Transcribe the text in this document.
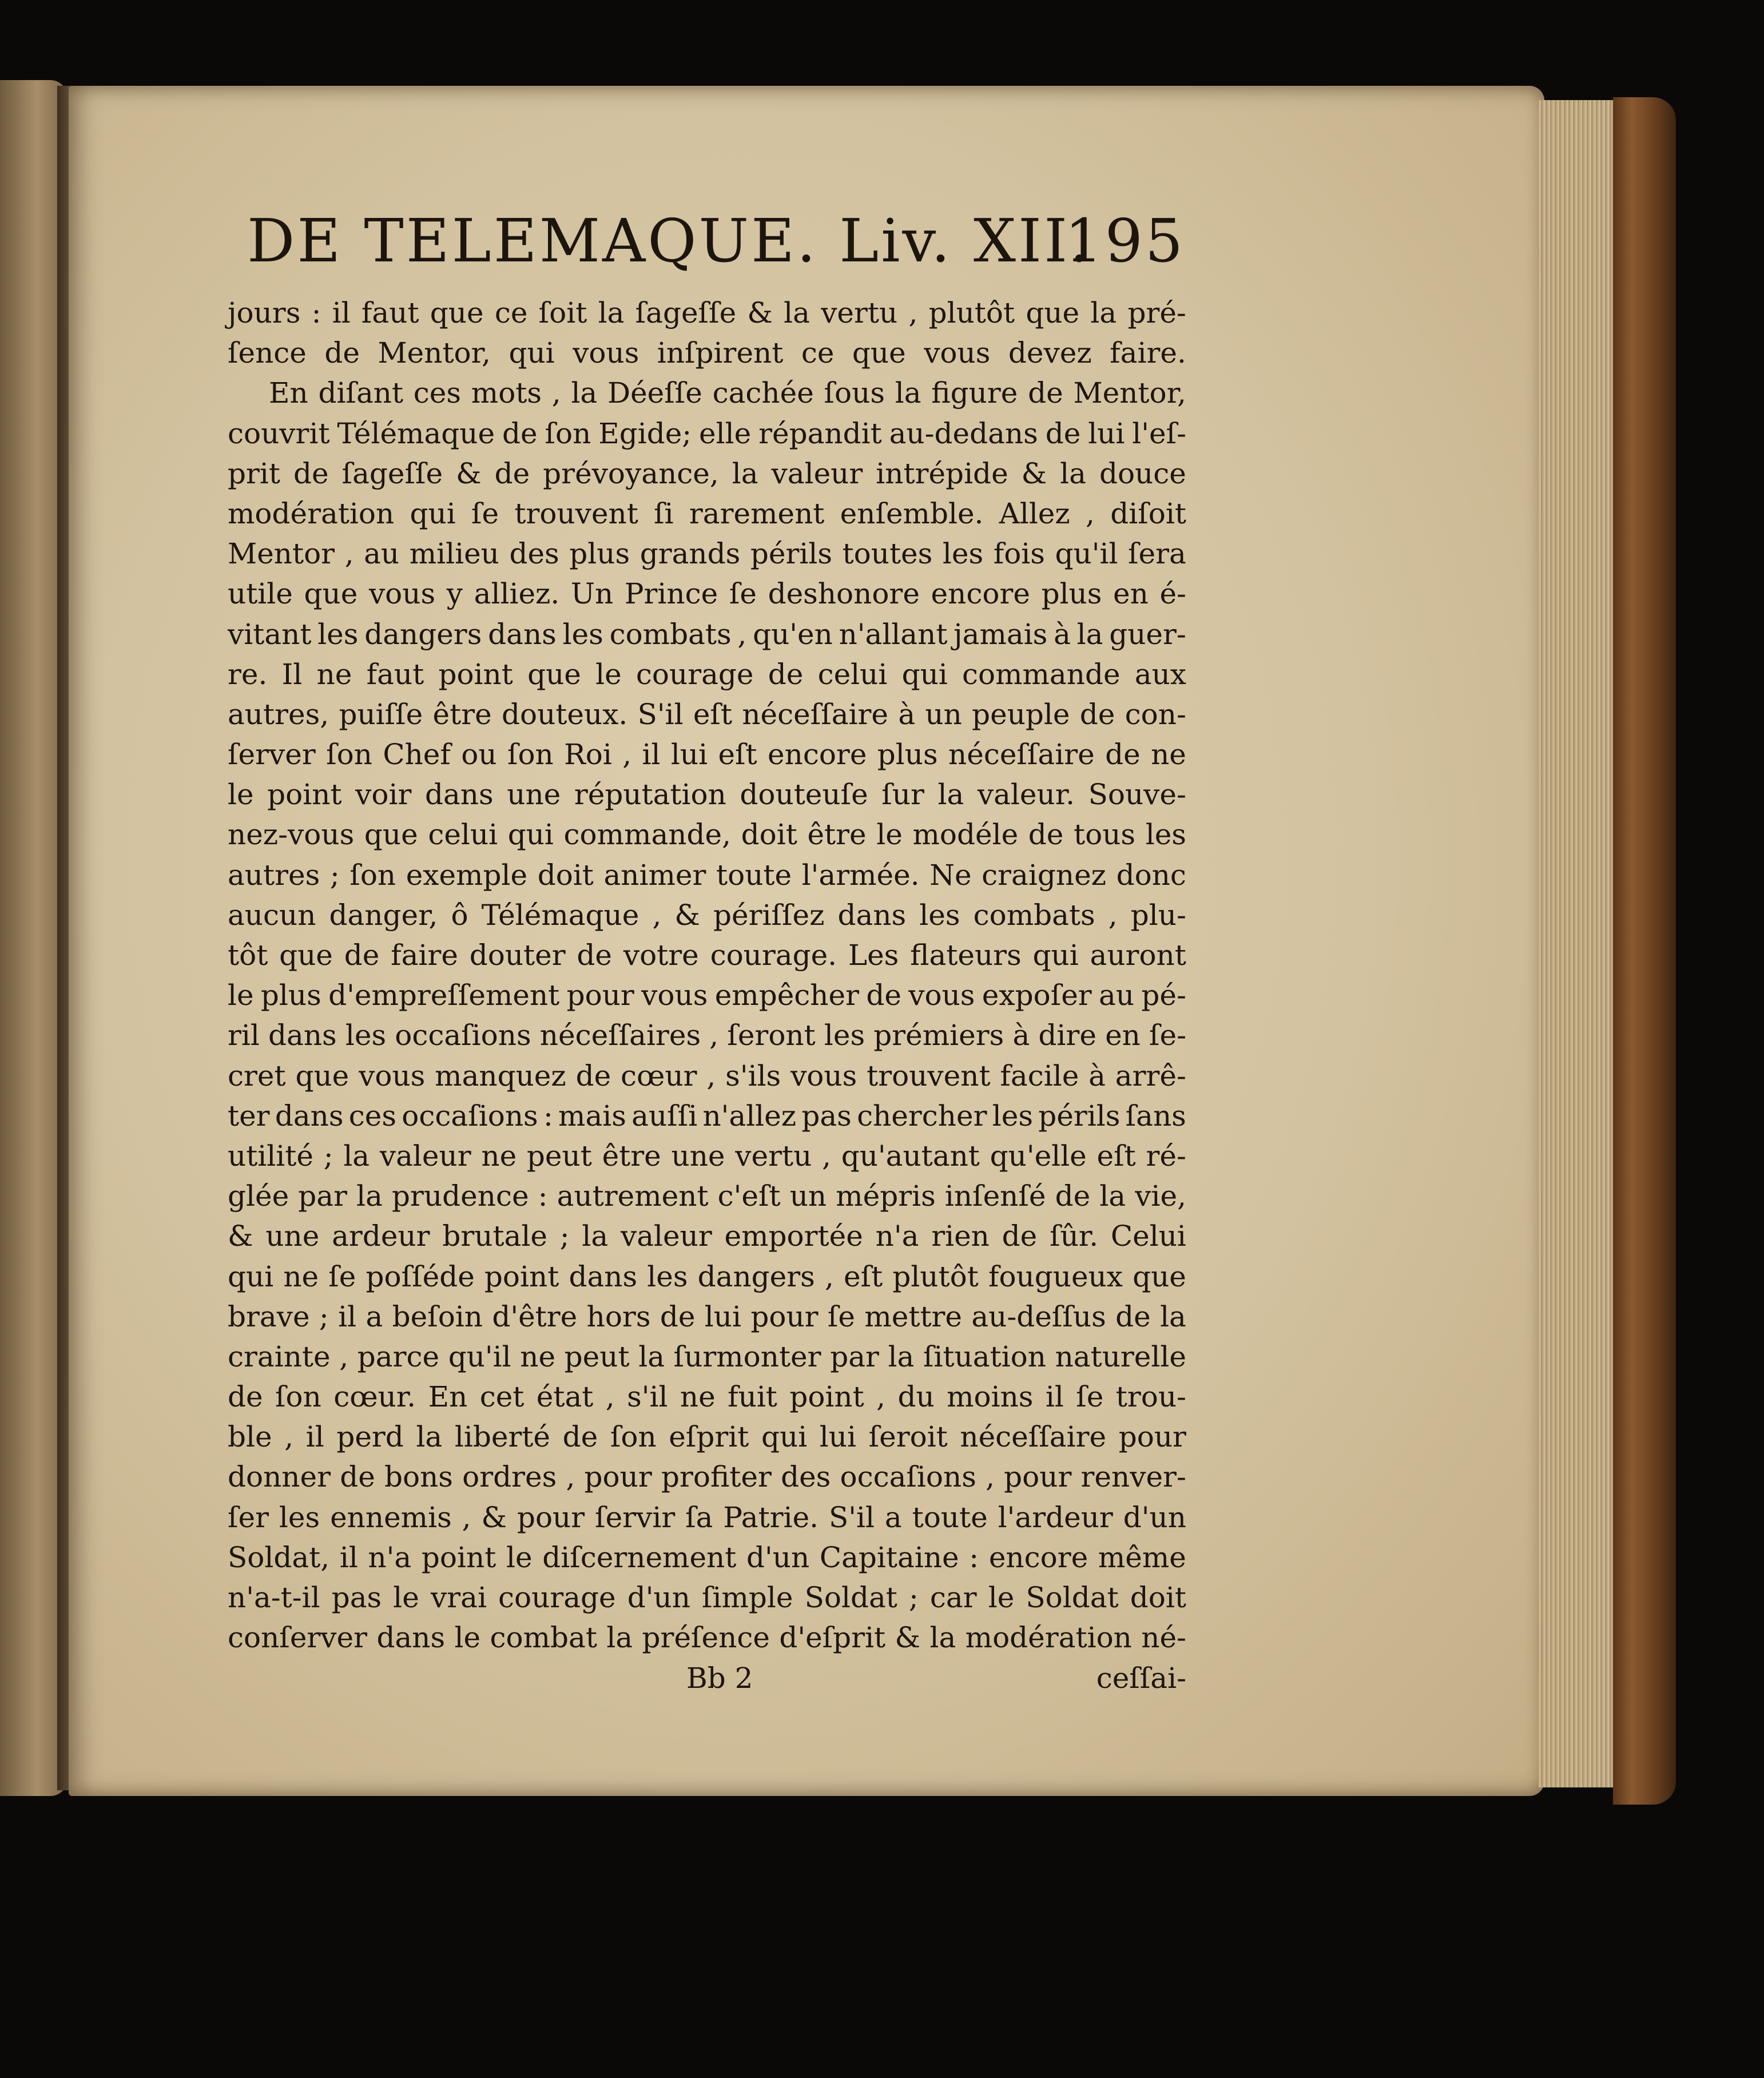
DE TELEMAQUE. Liv. XII.
195
jours : il faut que ce ſoit la ſageſſe & la vertu , plutôt que la pré-
ſence de Mentor, qui vous inſpirent ce que vous devez faire.
En diſant ces mots , la Déeſſe cachée ſous la figure de Mentor,
couvrit Télémaque de ſon Egide; elle répandit au-dedans de lui l'eſ-
prit de ſageſſe & de prévoyance, la valeur intrépide & la douce
modération qui ſe trouvent ſi rarement enſemble. Allez , diſoit
Mentor , au milieu des plus grands périls toutes les fois qu'il ſera
utile que vous y alliez. Un Prince ſe deshonore encore plus en é-
vitant les dangers dans les combats , qu'en n'allant jamais à la guer-
re. Il ne faut point que le courage de celui qui commande aux
autres, puiſſe être douteux. S'il eſt néceſſaire à un peuple de con-
ſerver ſon Chef ou ſon Roi , il lui eſt encore plus néceſſaire de ne
le point voir dans une réputation douteuſe ſur la valeur. Souve-
nez-vous que celui qui commande, doit être le modéle de tous les
autres ; ſon exemple doit animer toute l'armée. Ne craignez donc
aucun danger, ô Télémaque , & périſſez dans les combats , plu-
tôt que de faire douter de votre courage. Les flateurs qui auront
le plus d'empreſſement pour vous empêcher de vous expoſer au pé-
ril dans les occaſions néceſſaires , ſeront les prémiers à dire en ſe-
cret que vous manquez de cœur , s'ils vous trouvent facile à arrê-
ter dans ces occaſions : mais auſſi n'allez pas chercher les périls ſans
utilité ; la valeur ne peut être une vertu , qu'autant qu'elle eſt ré-
glée par la prudence : autrement c'eſt un mépris inſenſé de la vie,
& une ardeur brutale ; la valeur emportée n'a rien de ſûr. Celui
qui ne ſe poſſéde point dans les dangers , eſt plutôt fougueux que
brave ; il a beſoin d'être hors de lui pour ſe mettre au-deſſus de la
crainte , parce qu'il ne peut la ſurmonter par la ſituation naturelle
de ſon cœur. En cet état , s'il ne fuit point , du moins il ſe trou-
ble , il perd la liberté de ſon eſprit qui lui ſeroit néceſſaire pour
donner de bons ordres , pour profiter des occaſions , pour renver-
ſer les ennemis , & pour ſervir ſa Patrie. S'il a toute l'ardeur d'un
Soldat, il n'a point le diſcernement d'un Capitaine : encore même
n'a-t-il pas le vrai courage d'un ſimple Soldat ; car le Soldat doit
conſerver dans le combat la préſence d'eſprit & la modération né-
Bb 2	ceſſai-
